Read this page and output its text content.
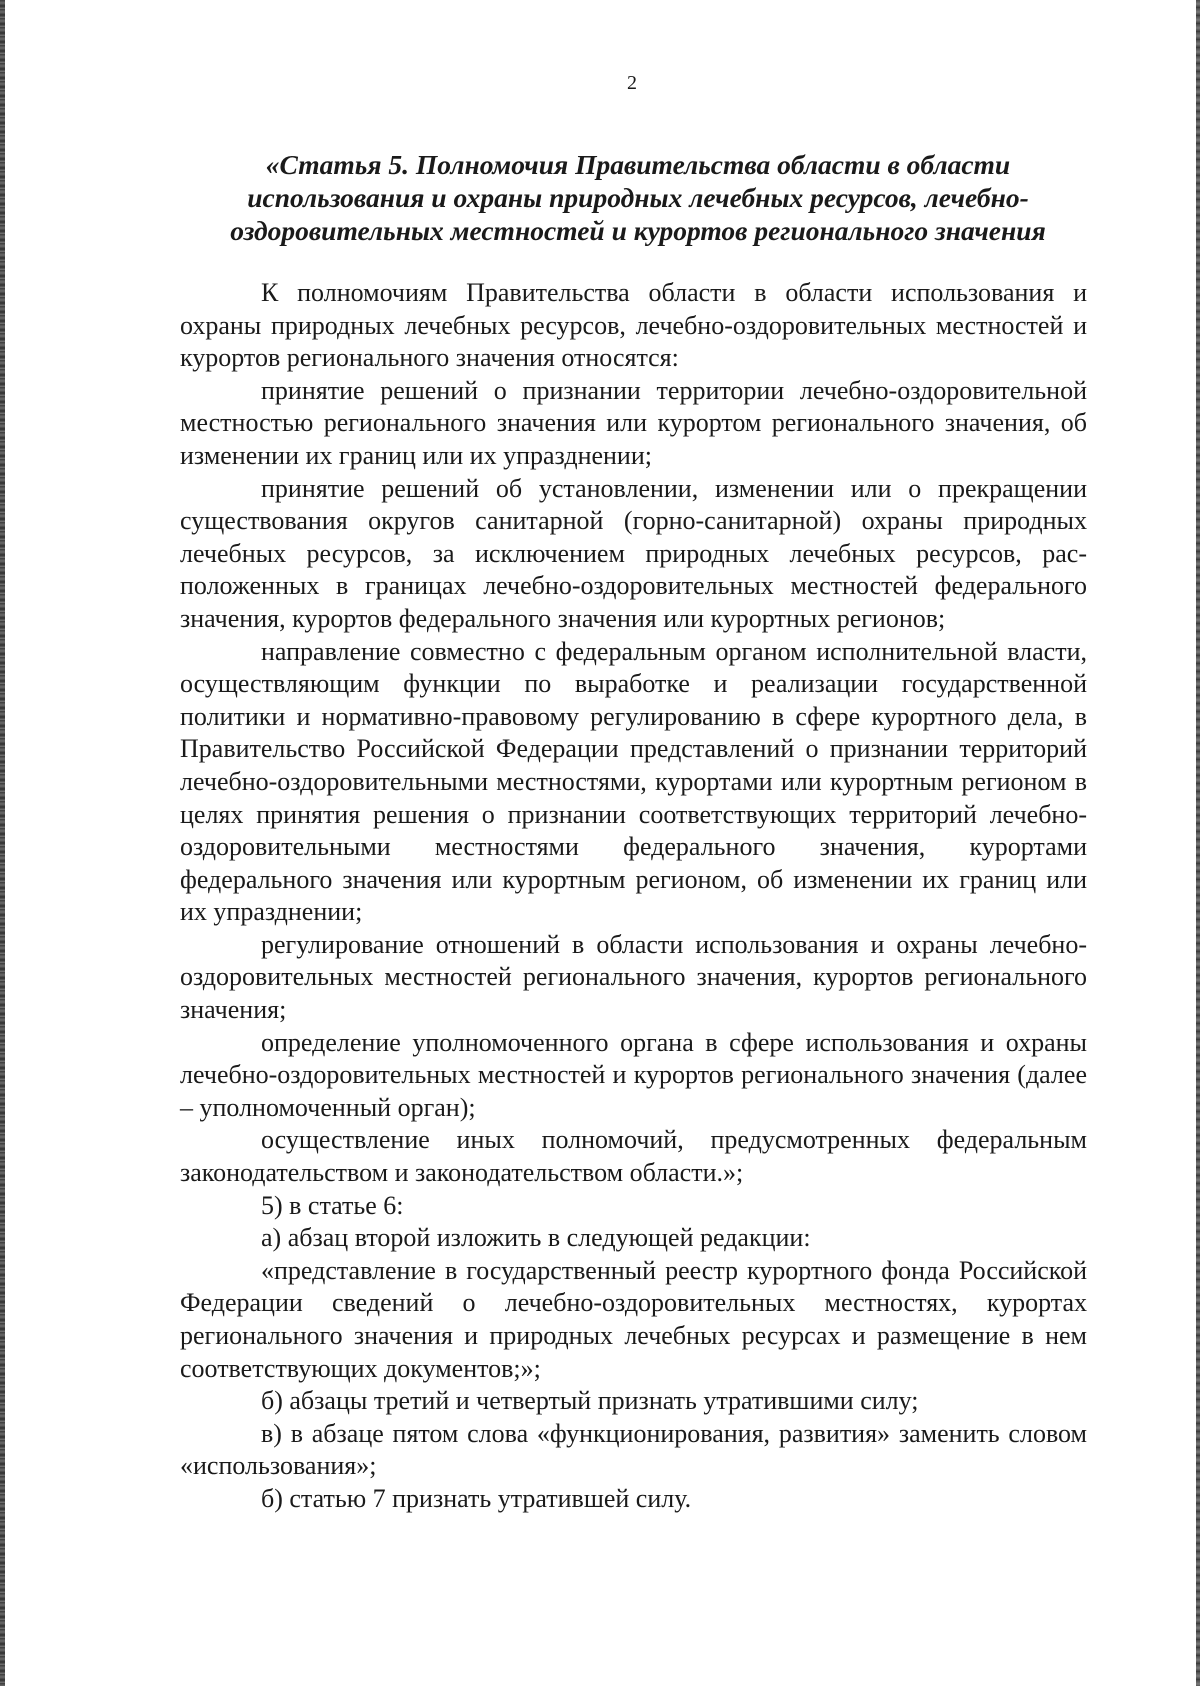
2
«Статья 5. Полномочия Правительства области в области
использования и охраны природных лечебных ресурсов, лечебно-
оздоровительных местностей и курортов регионального значения

К полномочиям Правительства области в области использования и охраны природных лечебных ресурсов, лечебно-оздоровительных местностей и курортов регионального значения относятся:

принятие решений о признании территории лечебно-оздоровительной местностью регионального значения или курортом регионального значения, об изменении их границ или их упразднении;

принятие решений об установлении, изменении или о прекращении существования округов санитарной (горно-санитарной) охраны природных лечебных ресурсов, за исключением природных лечебных ресурсов, расположенных в границах лечебно-оздоровительных местностей федерального значения, курортов федерального значения или курортных регионов;

направление совместно с федеральным органом исполнительной власти, осуществляющим функции по выработке и реализации государственной политики и нормативно-правовому регулированию в сфере курортного дела, в Правительство Российской Федерации представлений о признании территорий лечебно-оздоровительными местностями, курортами или курортным регионом в целях принятия решения о признании соответствующих территорий лечебно-оздоровительными местностями федерального значения, курортами федерального значения или курортным регионом, об изменении их границ или их упразднении;

регулирование отношений в области использования и охраны лечебно-оздоровительных местностей регионального значения, курортов регионального значения;

определение уполномоченного органа в сфере использования и охраны лечебно-оздоровительных местностей и курортов регионального значения (далее – уполномоченный орган);

осуществление иных полномочий, предусмотренных федеральным законодательством и законодательством области.»;

5) в статье 6:

а) абзац второй изложить в следующей редакции:

«представление в государственный реестр курортного фонда Российской Федерации сведений о лечебно-оздоровительных местностях, курортах регионального значения и природных лечебных ресурсах и размещение в нем соответствующих документов;»;

б) абзацы третий и четвертый признать утратившими силу;

в) в абзаце пятом слова «функционирования, развития» заменить словом «использования»;

б) статью 7 признать утратившей силу.
